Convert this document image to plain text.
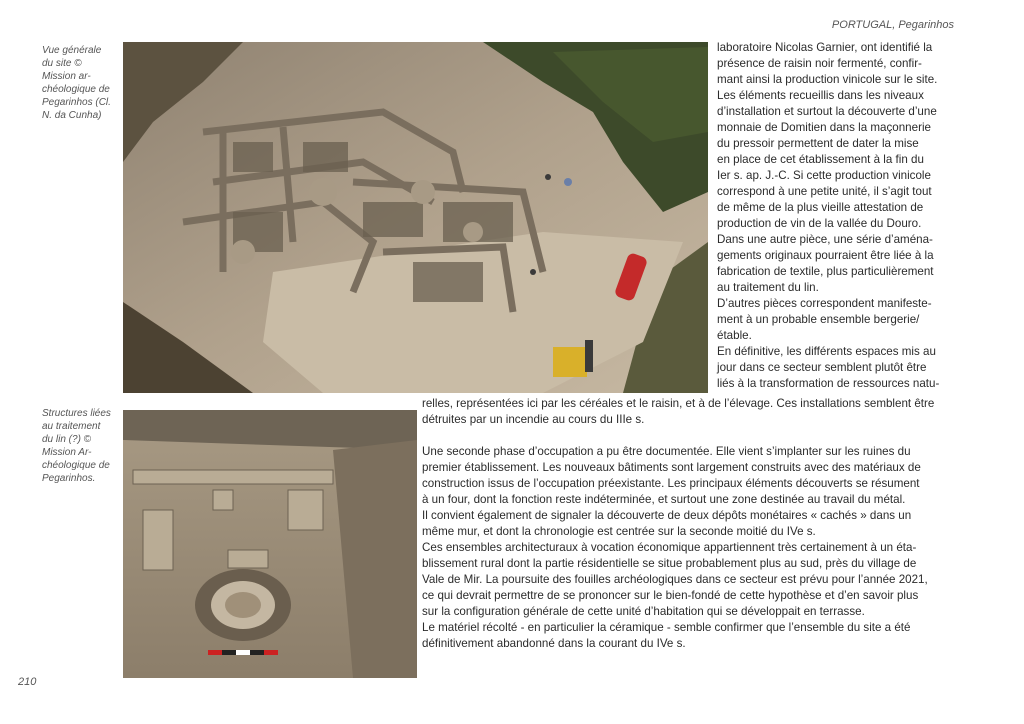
PORTUGAL, Pegarinhos
Vue générale
du site ©
Mission ar-
chéologique de
Pegarinhos (Cl.
N. da Cunha)
Structures liées
au traitement
du lin (?) ©
Mission Ar-
chéologique de
Pegarinhos.

laboratoire Nicolas Garnier, ont identifié la

présence de raisin noir fermenté, confir-

mant ainsi la production vinicole sur le site.

Les éléments recueillis dans les niveaux

d’installation et surtout la découverte d’une

monnaie de Domitien dans la maçonnerie

du pressoir permettent de dater la mise

en place de cet établissement à la fin du

Ier s. ap. J.-C. Si cette production vinicole

correspond à une petite unité, il s’agit tout

de même de la plus vieille attestation de

production de vin de la vallée du Douro.

Dans une autre pièce, une série d’aména-

gements originaux pourraient être liée à la

fabrication de textile, plus particulièrement

au traitement du lin.

D’autres pièces correspondent manifeste-

ment à un probable ensemble bergerie/

étable.

En définitive, les différents espaces mis au

jour dans ce secteur semblent plutôt être

liés à la transformation de ressources natu-

relles, représentées ici par les céréales et le raisin, et à de l’élevage. Ces installations semblent être

détruites par un incendie au cours du IIIe s.

Une seconde phase d’occupation a pu être documentée. Elle vient s’implanter sur les ruines du

premier établissement. Les nouveaux bâtiments sont largement construits avec des matériaux de

construction issus de l’occupation préexistante. Les principaux éléments découverts se résument

à un four, dont la fonction reste indéterminée, et surtout une zone destinée au travail du métal.

Il convient également de signaler la découverte de deux dépôts monétaires « cachés » dans un

même mur, et dont la chronologie est centrée sur la seconde moitié du IVe s.

Ces ensembles architecturaux à vocation économique appartiennent très certainement à un éta-

blissement rural dont la partie résidentielle se situe probablement plus au sud, près du village de

Vale de Mir. La poursuite des fouilles archéologiques dans ce secteur est prévu pour l’année 2021,

ce qui devrait permettre de se prononcer sur le bien-fondé de cette hypothèse et d’en savoir plus

sur la configuration générale de cette unité d’habitation qui se développait en terrasse.

Le matériel récolté - en particulier la céramique - semble confirmer que l’ensemble du site a été

définitivement abandonné dans la courant du IVe s.

210
